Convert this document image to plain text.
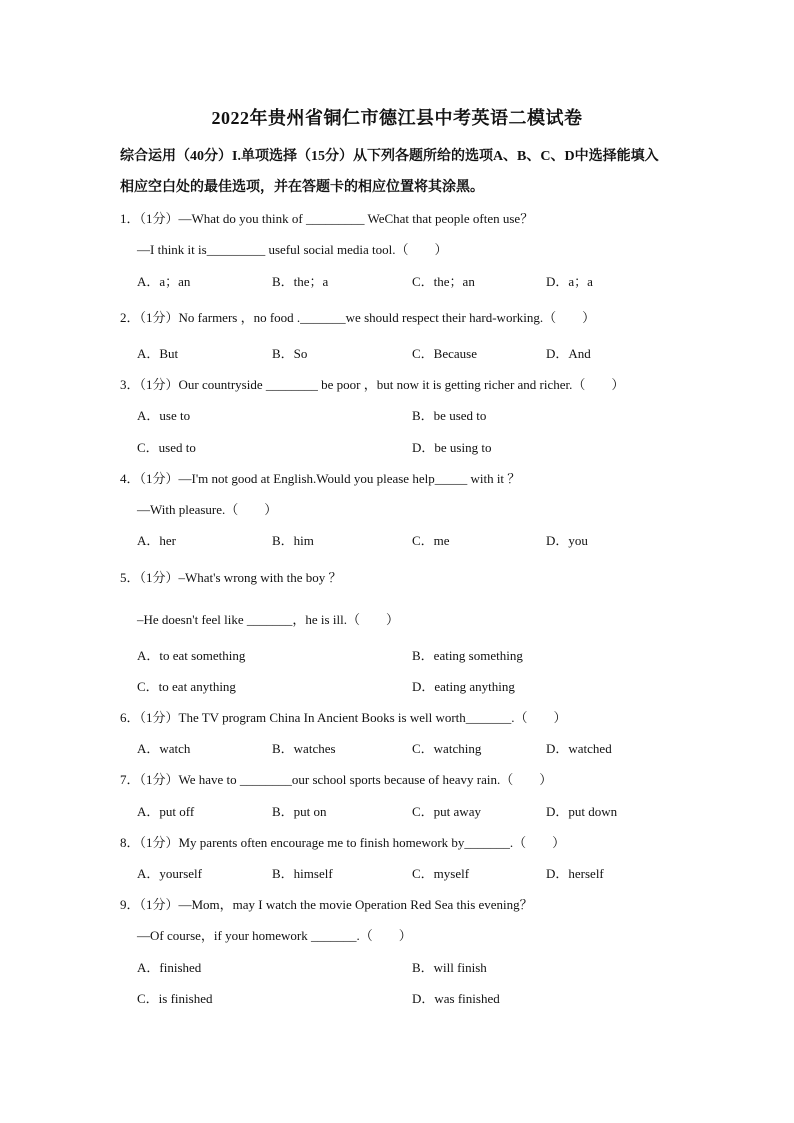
2022年贵州省铜仁市德江县中考英语二模试卷
综合运用（40分）I.单项选择（15分）从下列各题所给的选项A、B、C、D中选择能填入
相应空白处的最佳选项，并在答题卡的相应位置将其涂黑。
1．（1分）—What do you think of _________ WeChat that people often use？
—I think it is_________ useful social media tool.（　　）
A．a；an	B．the；a	C．the；an	D．a；a
2．（1分）No farmers ，no food ._______we should respect their hard-working.（　　）
A．But	B．So	C．Because	D．And
3．（1分）Our countryside ________ be poor ，but now it is getting richer and richer.（　　）
A．use to	B．be used to
C．used to	D．be using to
4．（1分）—I'm not good at English.Would you please help_____ with it ？
—With pleasure.（　　）
A．her	B．him	C．me	D．you
5．（1分）–What's wrong with the boy ？
–He doesn't feel like _______，he is ill.（　　）
A．to eat something	B．eating something
C．to eat anything	D．eating anything
6．（1分）The TV program China In Ancient Books is well worth_______.（　　）
A．watch	B．watches	C．watching	D．watched
7．（1分）We have to ________our school sports because of heavy rain.（　　）
A．put off	B．put on	C．put away	D．put down
8．（1分）My parents often encourage me to finish homework by_______.（　　）
A．yourself	B．himself	C．myself	D．herself
9．（1分）—Mom，may I watch the movie Operation Red Sea this evening？
—Of course，if your homework _______.（　　）
A．finished	B．will finish
C．is finished	D．was finished
